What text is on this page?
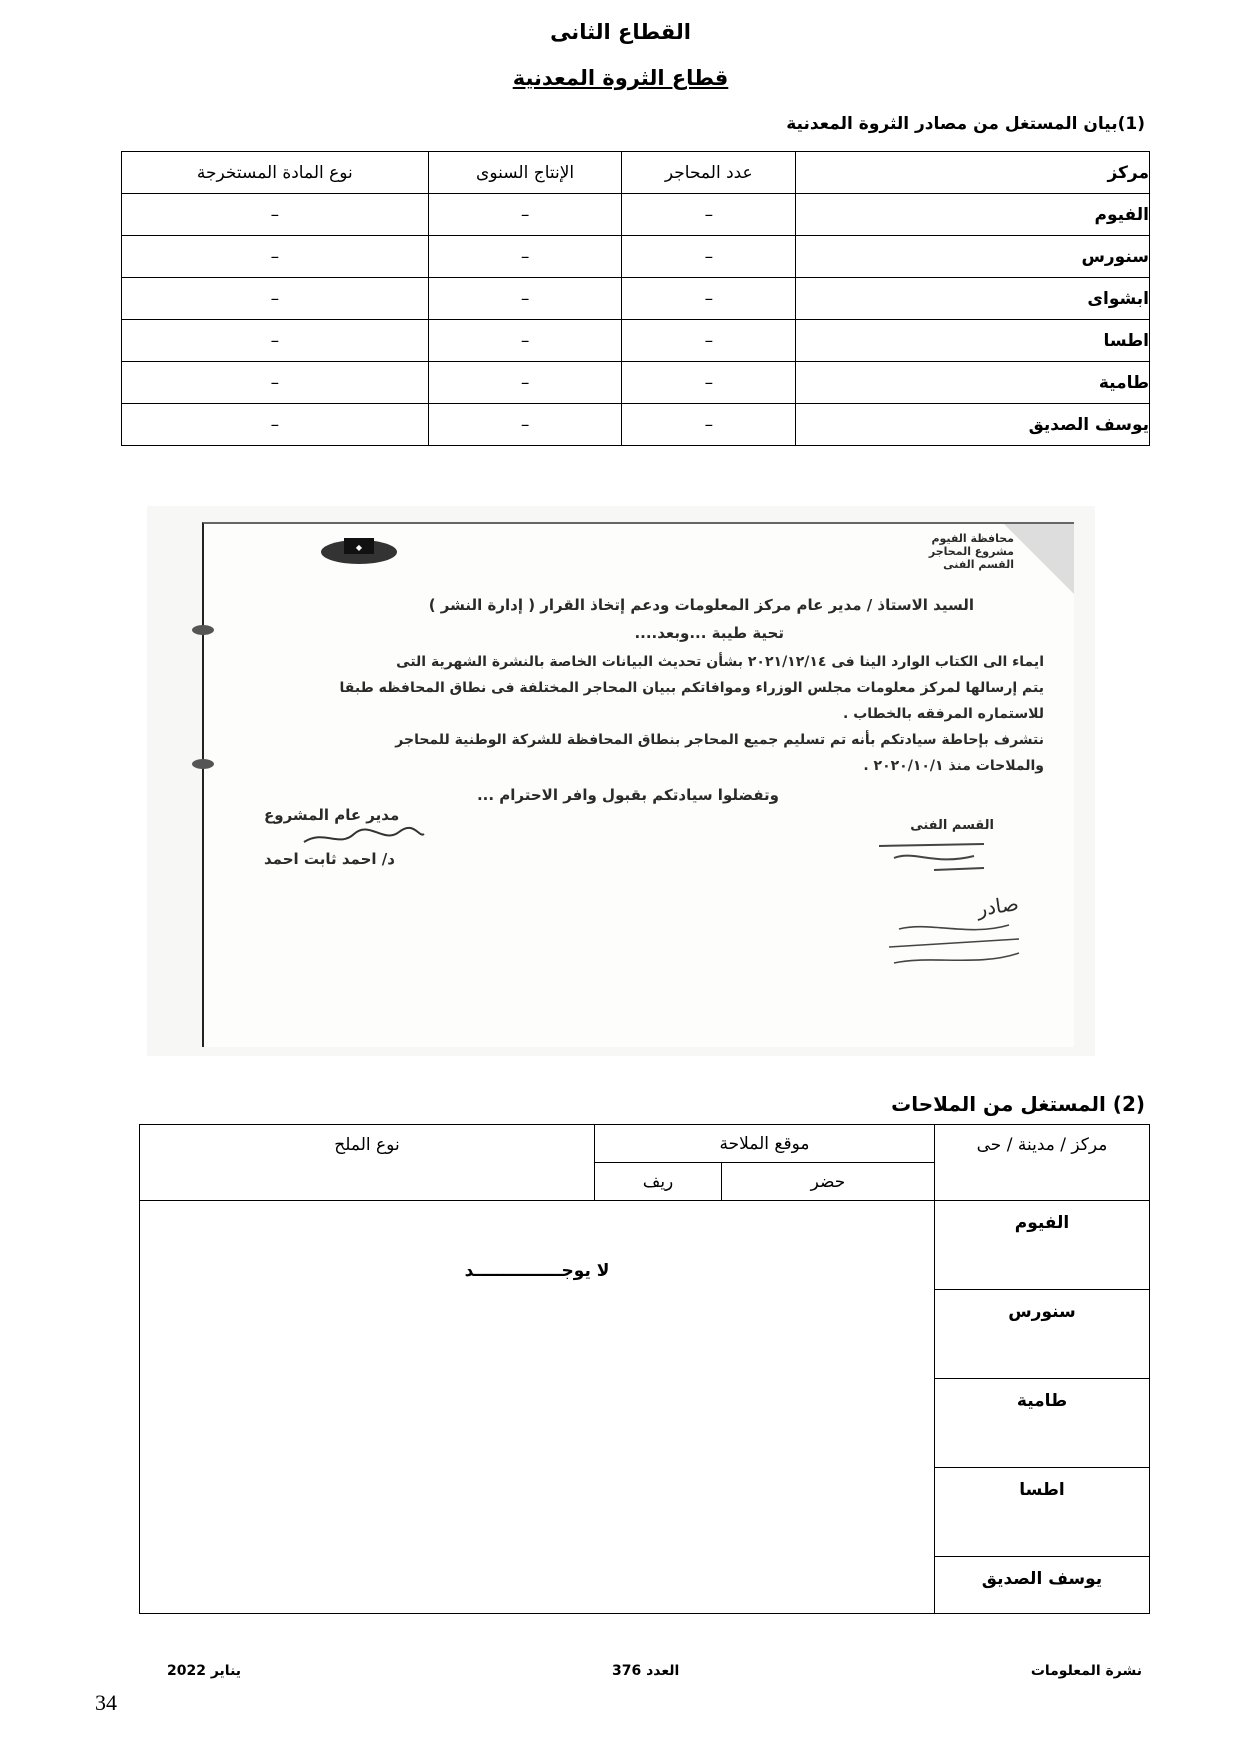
القطاع الثانى
قطاع الثروة المعدنية
(1)بيان المستغل من مصادر الثروة المعدنية
مركز	عدد المحاجر	الإنتاج السنوى	نوع المادة المستخرجة
الفيوم	–	–	–
سنورس	–	–	–
ابشواى	–	–	–
اطسا	–	–	–
طامية	–	–	–
يوسف الصديق	–	–	–
◆
محافظة الفيوم
مشروع المحاجر
القسم الفنى
السيد الاستاذ / مدير عام مركز المعلومات ودعم إتخاذ القرار ( إدارة النشر )
تحية طيبة ...وبعد....
ايماء الى الكتاب الوارد الينا فى ٢٠٢١/١٢/١٤ بشأن تحديث البيانات الخاصة بالنشرة الشهرية التى
يتم إرسالها لمركز معلومات مجلس الوزراء وموافاتكم ببيان المحاجر المختلفة فى نطاق المحافظه طبقا
للاستماره المرفقه بالخطاب .
نتشرف بإحاطة سيادتكم بأنه تم تسليم جميع المحاجر بنطاق المحافظة للشركة الوطنية للمحاجر
والملاحات منذ ٢٠٢٠/١٠/١ .
وتفضلوا سيادتكم بقبول وافر الاحترام ...
مدير عام المشروع
د/ احمد ثابت احمد
القسم الفنى
صادر
(2) المستغل من الملاحات
مركز / مدينة / حى	موقع الملاحة		نوع الملح
	حضر	ريف	
الفيوم	لا يوجـــــــــــــــد		

سنورس			
طامية			
اطسا			
يوسف الصديق			
نشرة المعلومات
العدد 376
يناير 2022
34
